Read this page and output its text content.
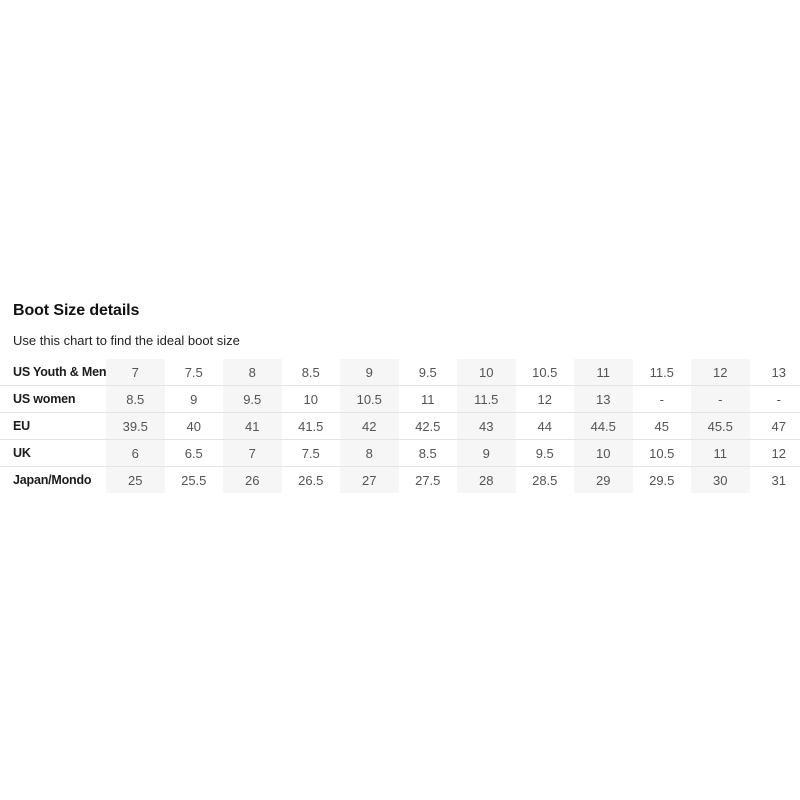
Boot Size details

Use this chart to find the ideal boot size

US Youth & Men	7	7.5	8	8.5	9	9.5	10	10.5	11	11.5	12	13
US women	8.5	9	9.5	10	10.5	11	11.5	12	13	-	-	-
EU	39.5	40	41	41.5	42	42.5	43	44	44.5	45	45.5	47
UK	6	6.5	7	7.5	8	8.5	9	9.5	10	10.5	11	12
Japan/Mondo	25	25.5	26	26.5	27	27.5	28	28.5	29	29.5	30	31
